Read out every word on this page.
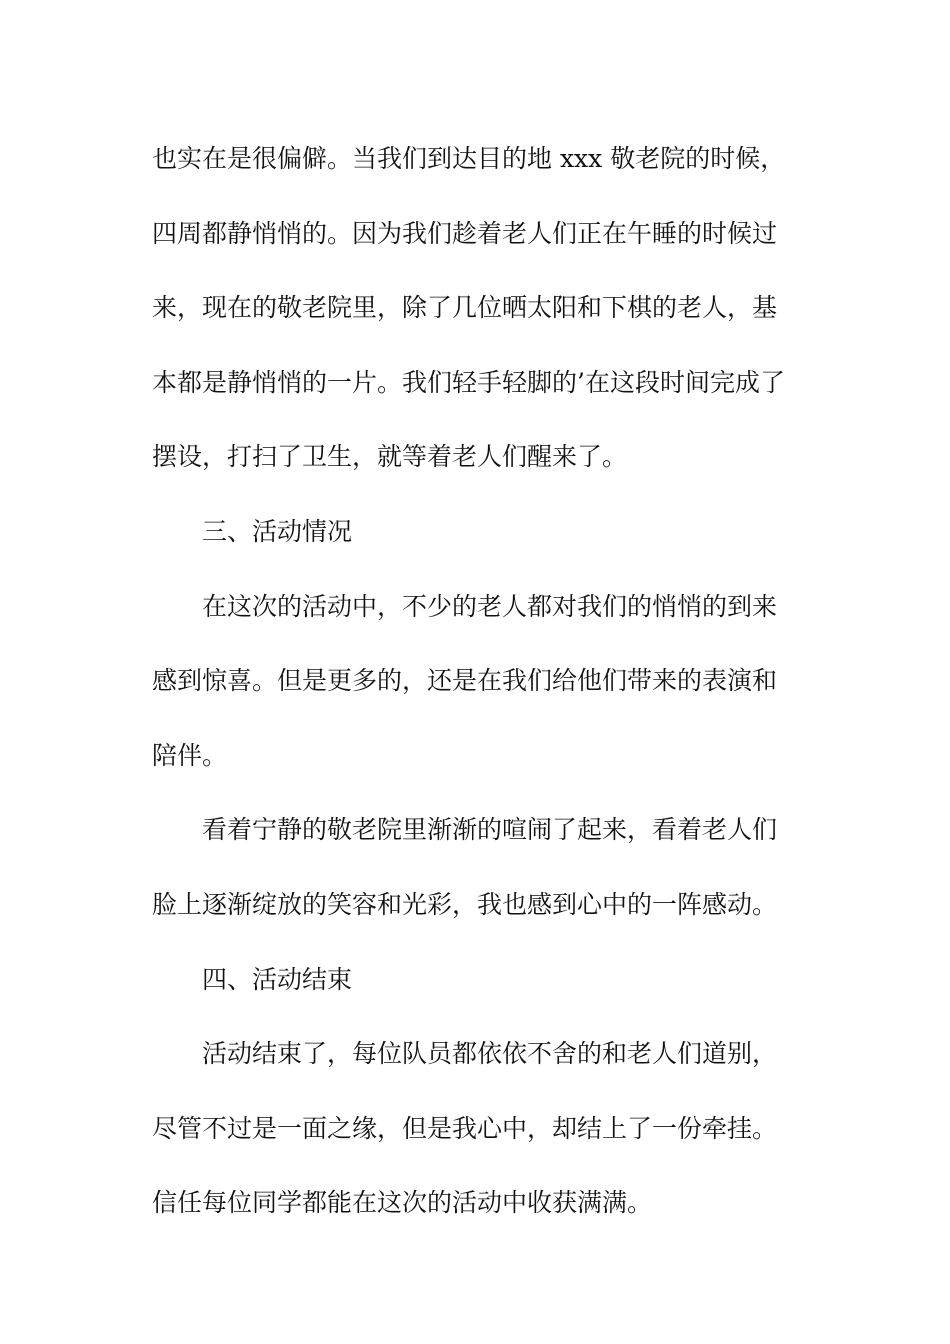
也实在是很偏僻。当我们到达目的地 xxx 敬老院的时候，
四周都静悄悄的。因为我们趁着老人们正在午睡的时候过
来，现在的敬老院里，除了几位晒太阳和下棋的老人，基
本都是静悄悄的一片。我们轻手轻脚的’在这段时间完成了
摆设，打扫了卫生，就等着老人们醒来了。

三、活动情况

在这次的活动中，不少的老人都对我们的悄悄的到来
感到惊喜。但是更多的，还是在我们给他们带来的表演和
陪伴。

看着宁静的敬老院里渐渐的喧闹了起来，看着老人们
脸上逐渐绽放的笑容和光彩，我也感到心中的一阵感动。

四、活动结束

活动结束了，每位队员都依依不舍的和老人们道别，
尽管不过是一面之缘，但是我心中，却结上了一份牵挂。
信任每位同学都能在这次的活动中收获满满。
